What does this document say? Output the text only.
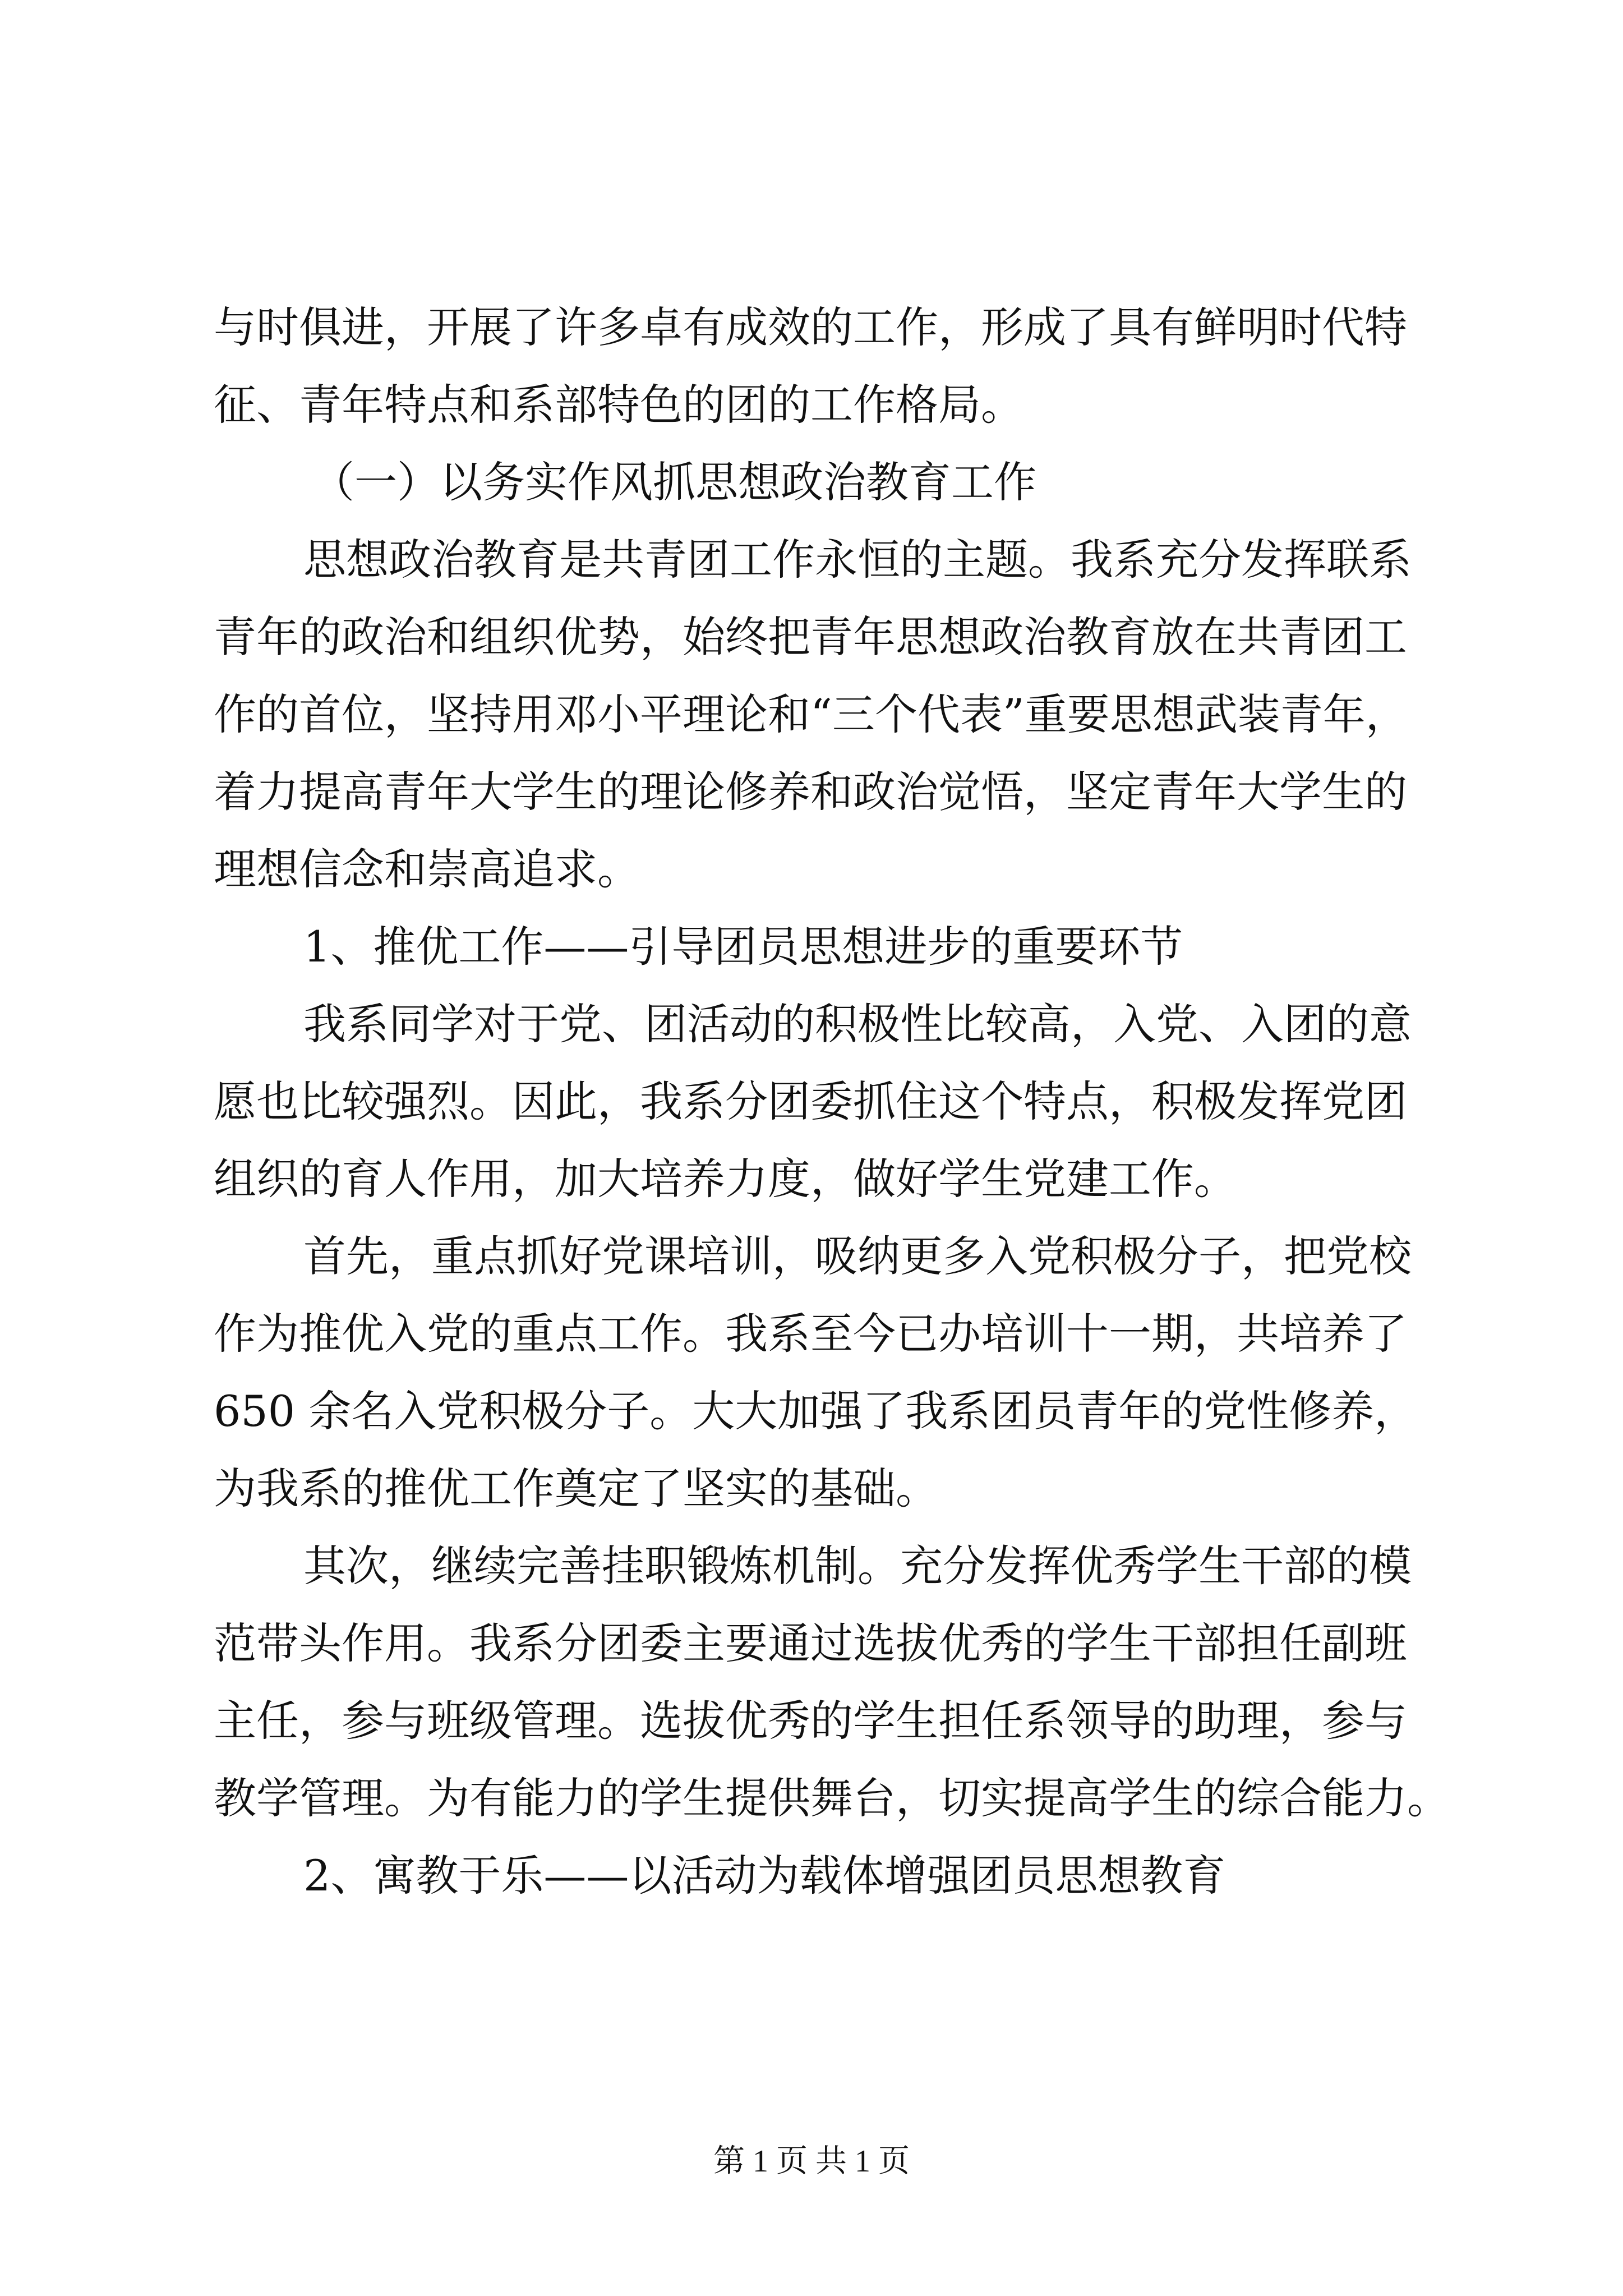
与时俱进，开展了许多卓有成效的工作，形成了具有鲜明时代特
征、青年特点和系部特色的团的工作格局。
（一）以务实作风抓思想政治教育工作
思想政治教育是共青团工作永恒的主题。我系充分发挥联系
青年的政治和组织优势，始终把青年思想政治教育放在共青团工
作的首位，坚持用邓小平理论和“三个代表”重要思想武装青年，
着力提高青年大学生的理论修养和政治觉悟，坚定青年大学生的
理想信念和崇高追求。
1、推优工作——引导团员思想进步的重要环节
我系同学对于党、团活动的积极性比较高，入党、入团的意
愿也比较强烈。因此，我系分团委抓住这个特点，积极发挥党团
组织的育人作用，加大培养力度，做好学生党建工作。
首先，重点抓好党课培训，吸纳更多入党积极分子，把党校
作为推优入党的重点工作。我系至今已办培训十一期，共培养了
650 余名入党积极分子。大大加强了我系团员青年的党性修养，
为我系的推优工作奠定了坚实的基础。
其次，继续完善挂职锻炼机制。充分发挥优秀学生干部的模
范带头作用。我系分团委主要通过选拔优秀的学生干部担任副班
主任，参与班级管理。选拔优秀的学生担任系领导的助理，参与
教学管理。为有能力的学生提供舞台，切实提高学生的综合能力。
2、寓教于乐——以活动为载体增强团员思想教育
第 1 页 共 1 页
